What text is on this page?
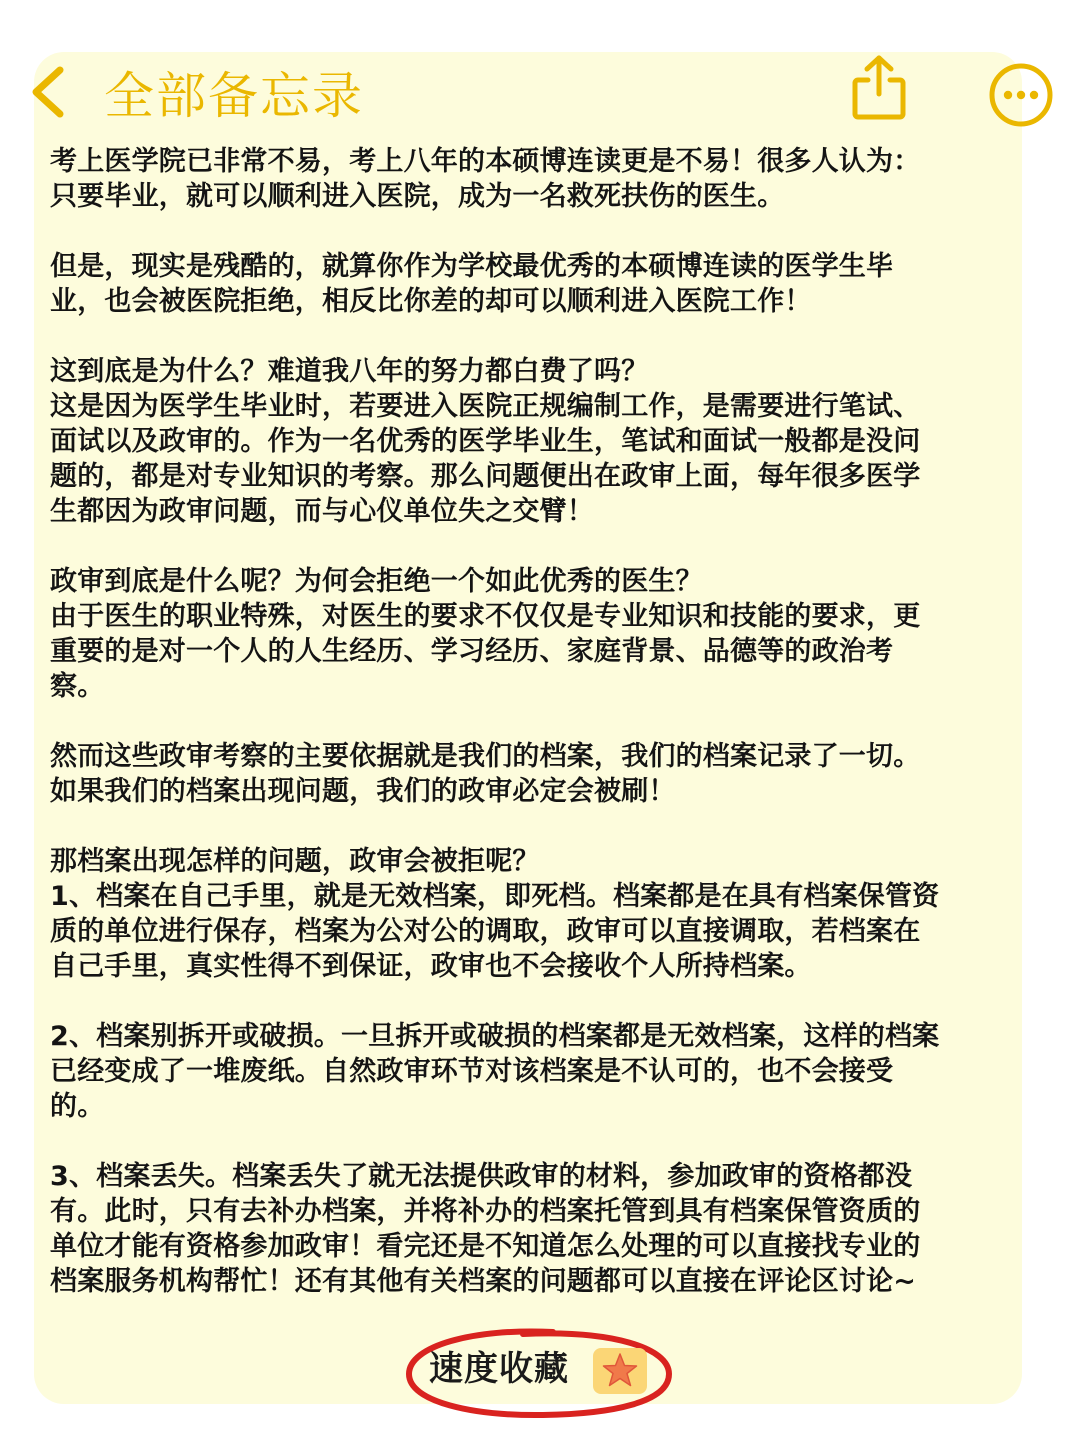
全部备忘录

考上医学院已非常不易，考上八年的本硕博连读更是不易！很多人认为：
只要毕业，就可以顺利进入医院，成为一名救死扶伤的医生。

但是，现实是残酷的，就算你作为学校最优秀的本硕博连读的医学生毕
业，也会被医院拒绝，相反比你差的却可以顺利进入医院工作！

这到底是为什么？难道我八年的努力都白费了吗？
这是因为医学生毕业时，若要进入医院正规编制工作，是需要进行笔试、
面试以及政审的。作为一名优秀的医学毕业生，笔试和面试一般都是没问
题的，都是对专业知识的考察。那么问题便出在政审上面，每年很多医学
生都因为政审问题，而与心仪单位失之交臂！

政审到底是什么呢？为何会拒绝一个如此优秀的医生？
由于医生的职业特殊，对医生的要求不仅仅是专业知识和技能的要求，更
重要的是对一个人的人生经历、学习经历、家庭背景、品德等的政治考
察。

然而这些政审考察的主要依据就是我们的档案，我们的档案记录了一切。
如果我们的档案出现问题，我们的政审必定会被刷！

那档案出现怎样的问题，政审会被拒呢？
1、档案在自己手里，就是无效档案，即死档。档案都是在具有档案保管资
质的单位进行保存，档案为公对公的调取，政审可以直接调取，若档案在
自己手里，真实性得不到保证，政审也不会接收个人所持档案。

2、档案别拆开或破损。一旦拆开或破损的档案都是无效档案，这样的档案
已经变成了一堆废纸。自然政审环节对该档案是不认可的，也不会接受
的。

3、档案丢失。档案丢失了就无法提供政审的材料，参加政审的资格都没
有。此时，只有去补办档案，并将补办的档案托管到具有档案保管资质的
单位才能有资格参加政审！看完还是不知道怎么处理的可以直接找专业的
档案服务机构帮忙！还有其他有关档案的问题都可以直接在评论区讨论~

速度收藏
